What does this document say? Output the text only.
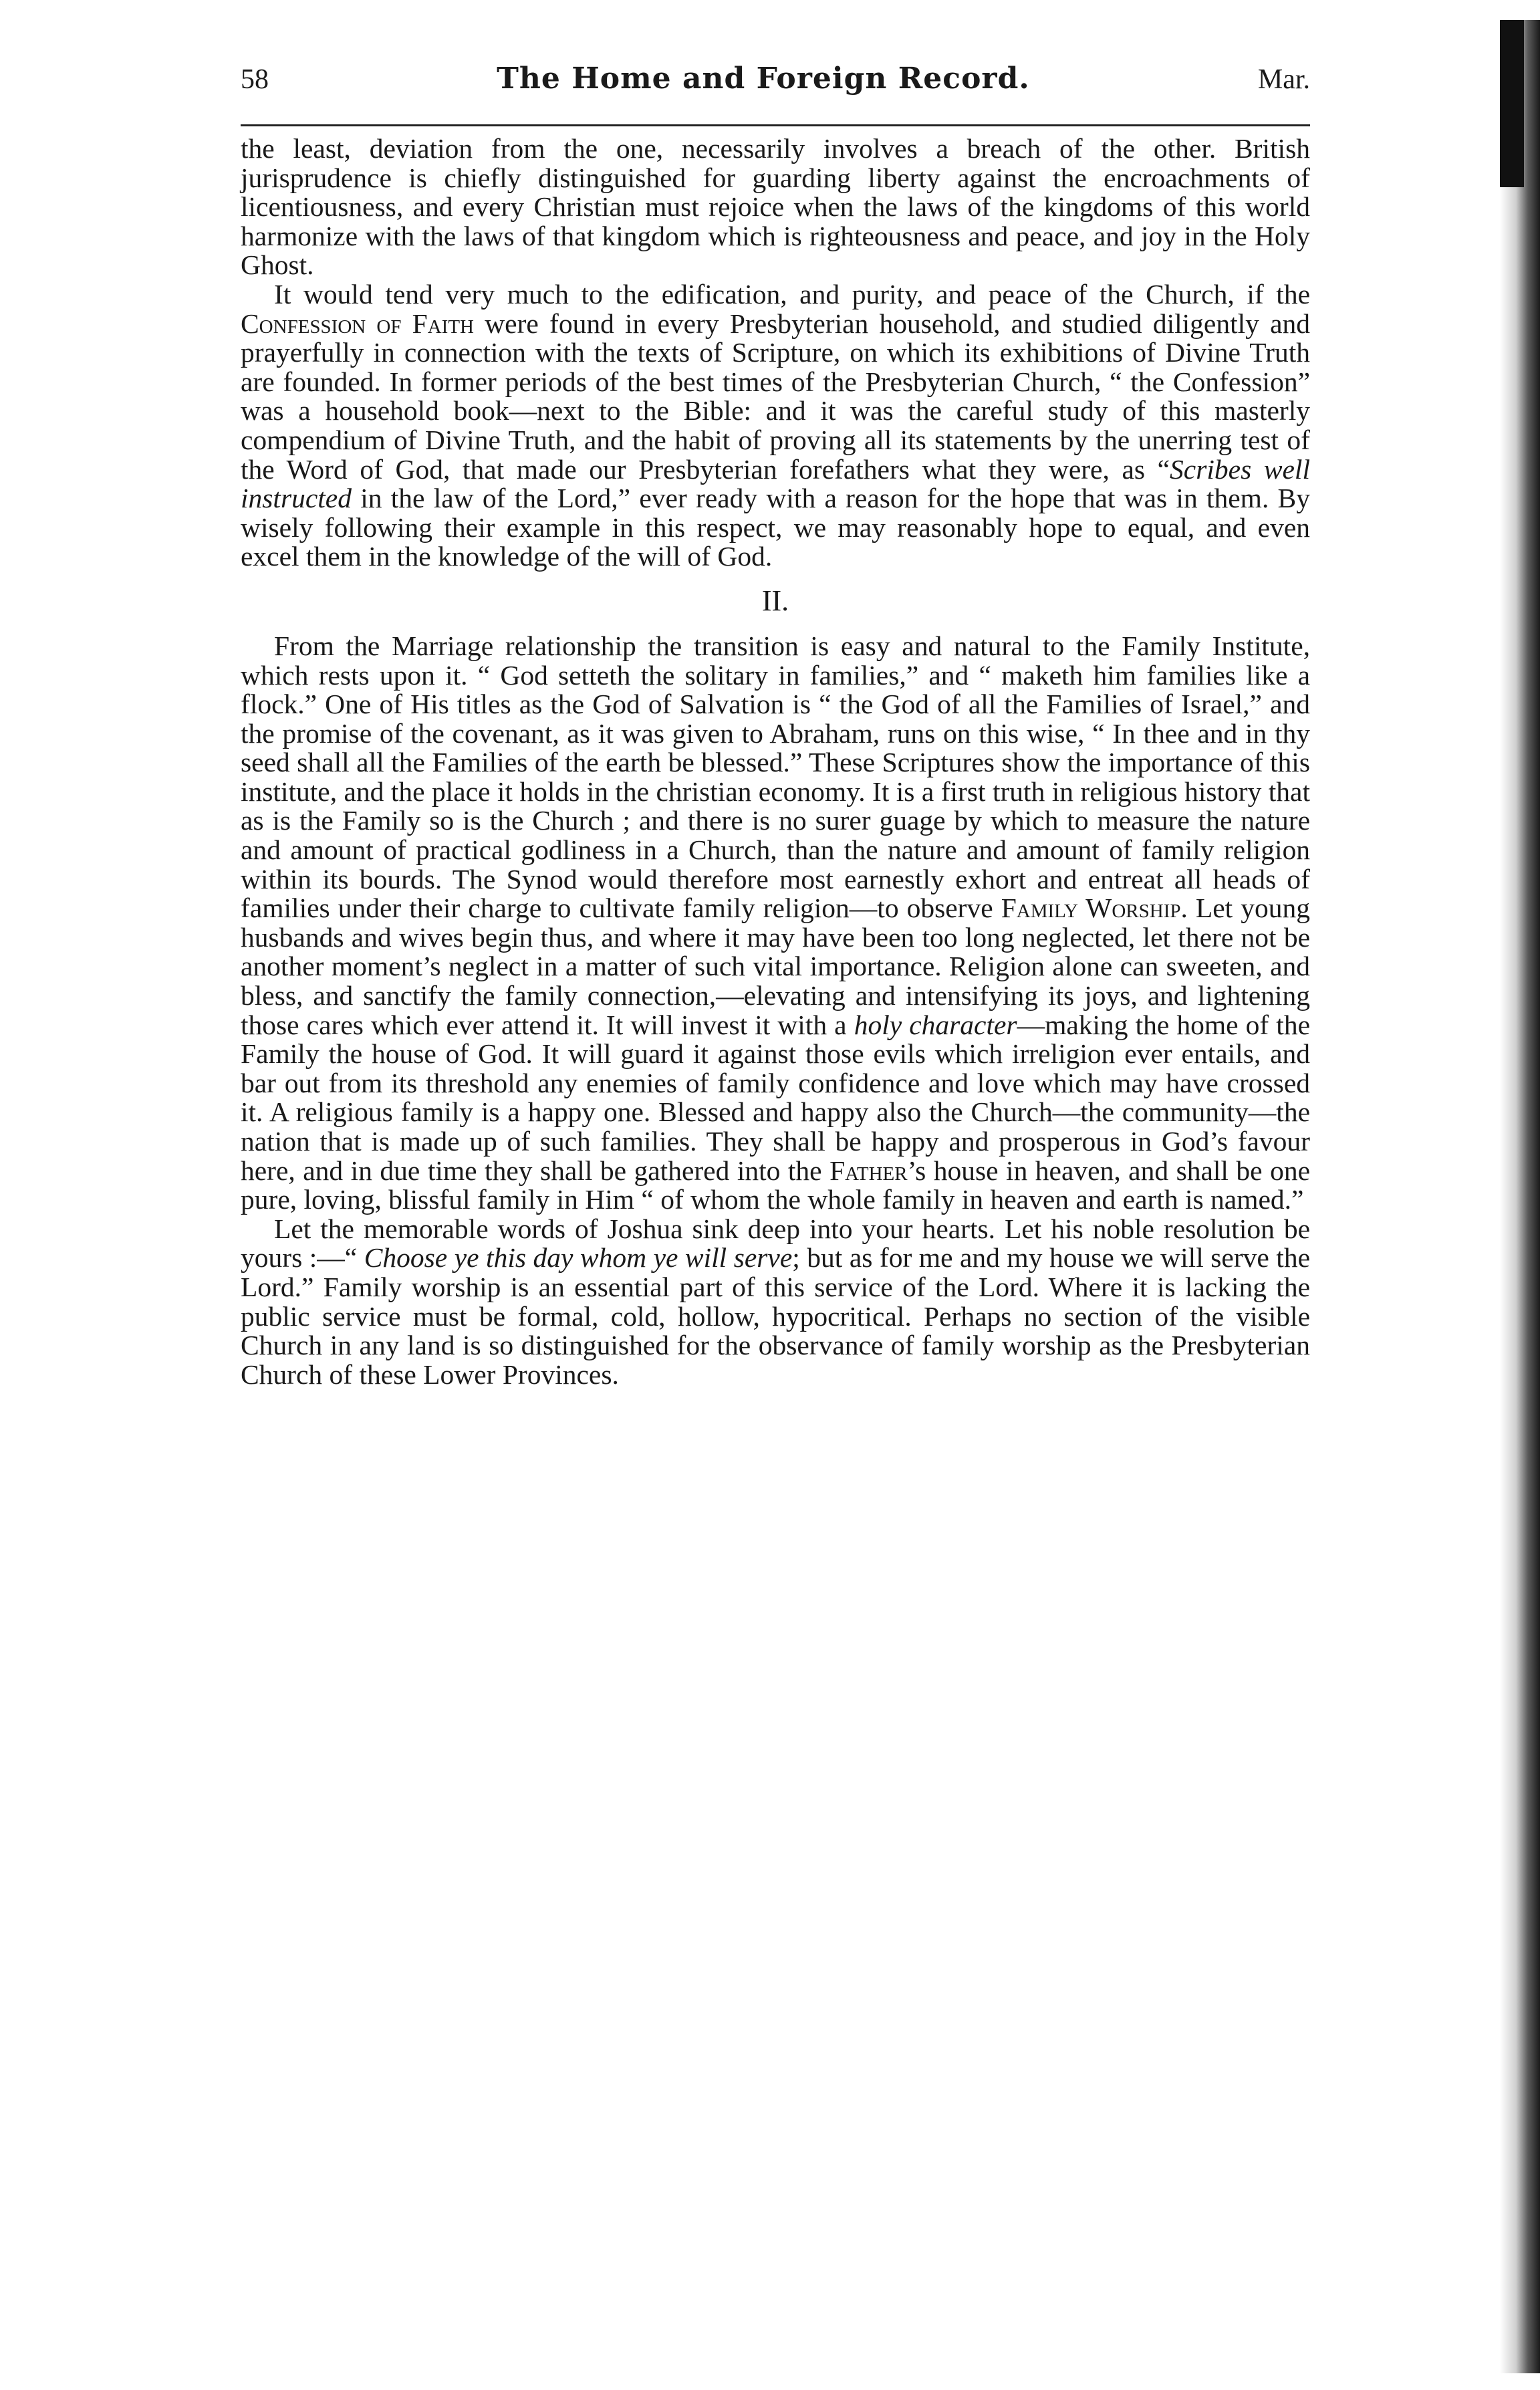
58	The Home and Foreign Record.	Mar.

the least, deviation from the one, necessarily involves a breach of the other. British jurisprudence is chiefly distinguished for guarding liberty against the encroachments of licentiousness, and every Christian must rejoice when the laws of the kingdoms of this world harmonize with the laws of that kingdom which is righteousness and peace, and joy in the Holy Ghost.

It would tend very much to the edification, and purity, and peace of the Church, if the Confession of Faith were found in every Presbyterian household, and studied diligently and prayerfully in connection with the texts of Scripture, on which its exhibitions of Divine Truth are founded. In former periods of the best times of the Presbyterian Church, “ the Confession” was a household book—next to the Bible: and it was the careful study of this masterly compendium of Divine Truth, and the habit of proving all its statements by the unerring test of the Word of God, that made our Presbyterian forefathers what they were, as “Scribes well instructed in the law of the Lord,” ever ready with a reason for the hope that was in them. By wisely following their example in this respect, we may reasonably hope to equal, and even excel them in the knowledge of the will of God.

II.

From the Marriage relationship the transition is easy and natural to the Family Institute, which rests upon it. “ God setteth the solitary in families,” and “ maketh him families like a flock.” One of His titles as the God of Salvation is “ the God of all the Families of Israel,” and the promise of the covenant, as it was given to Abraham, runs on this wise, “ In thee and in thy seed shall all the Families of the earth be blessed.” These Scriptures show the importance of this institute, and the place it holds in the christian economy. It is a first truth in religious history that as is the Family so is the Church ; and there is no surer guage by which to measure the nature and amount of practical godliness in a Church, than the nature and amount of family religion within its bourds. The Synod would therefore most earnestly exhort and entreat all heads of families under their charge to cultivate family religion—to observe Family Worship. Let young husbands and wives begin thus, and where it may have been too long neglected, let there not be another moment’s neglect in a matter of such vital importance. Religion alone can sweeten, and bless, and sanctify the family connection,—elevating and intensifying its joys, and lightening those cares which ever attend it. It will invest it with a holy character—making the home of the Family the house of God. It will guard it against those evils which irreligion ever entails, and bar out from its threshold any enemies of family confidence and love which may have crossed it. A religious family is a happy one. Blessed and happy also the Church—the community—the nation that is made up of such families. They shall be happy and prosperous in God’s favour here, and in due time they shall be gathered into the Father’s house in heaven, and shall be one pure, loving, blissful family in Him “ of whom the whole family in heaven and earth is named.”

Let the memorable words of Joshua sink deep into your hearts. Let his noble resolution be yours :—“ Choose ye this day whom ye will serve; but as for me and my house we will serve the Lord.” Family worship is an essential part of this service of the Lord. Where it is lacking the public service must be formal, cold, hollow, hypocritical. Perhaps no section of the visible Church in any land is so distinguished for the observance of family worship as the Presbyterian Church of these Lower Provinces.
